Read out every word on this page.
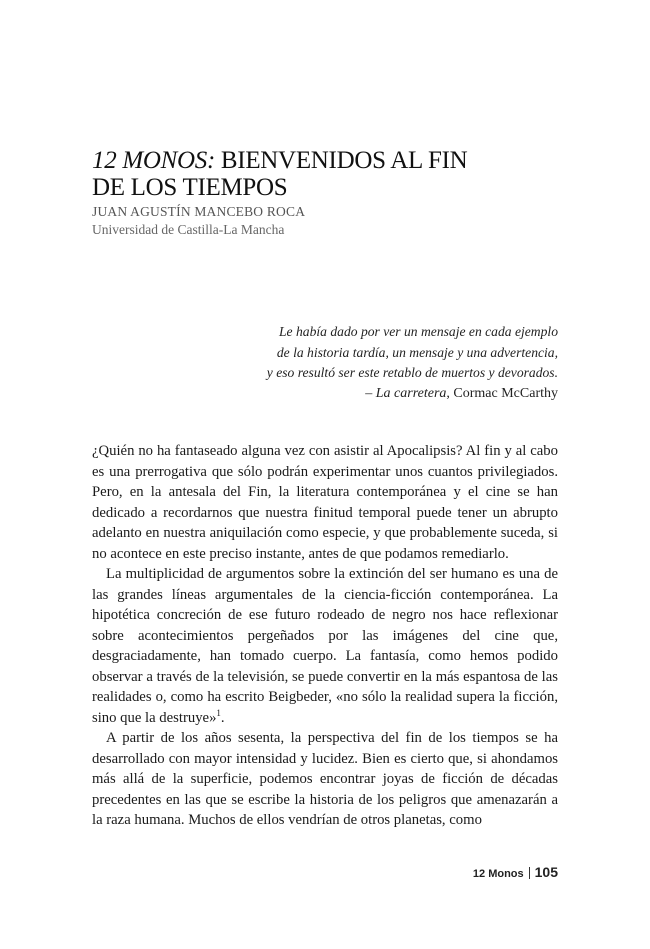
12 MONOS: BIENVENIDOS AL FIN
DE LOS TIEMPOS
JUAN AGUSTÍN MANCEBO ROCA
Universidad de Castilla-La Mancha
Le había dado por ver un mensaje en cada ejemplo
de la historia tardía, un mensaje y una advertencia,
y eso resultó ser este retablo de muertos y devorados.
– La carretera, Cormac McCarthy

¿Quién no ha fantaseado alguna vez con asistir al Apocalipsis? Al fin y al cabo es una prerrogativa que sólo podrán experimentar unos cuantos privilegiados. Pero, en la antesala del Fin, la literatura contemporánea y el cine se han dedicado a recordarnos que nuestra finitud temporal puede tener un abrupto adelanto en nuestra aniquilación como especie, y que probablemente suceda, si no acontece en este preciso instante, antes de que podamos remediarlo.

La multiplicidad de argumentos sobre la extinción del ser humano es una de las grandes líneas argumentales de la ciencia-ficción contemporánea. La hipotética concreción de ese futuro rodeado de negro nos hace reflexionar sobre acontecimientos pergeñados por las imágenes del cine que, desgraciadamente, han tomado cuerpo. La fantasía, como hemos podido observar a través de la televisión, se puede convertir en la más espantosa de las realidades o, como ha escrito Beigbeder, «no sólo la realidad supera la ficción, sino que la destruye»$^1$.

A partir de los años sesenta, la perspectiva del fin de los tiempos se ha desarrollado con mayor intensidad y lucidez. Bien es cierto que, si ahondamos más allá de la superficie, podemos encontrar joyas de ficción de décadas precedentes en las que se escribe la historia de los peligros que amenazarán a la raza humana. Muchos de ellos vendrían de otros planetas, como

12 Monos 105
